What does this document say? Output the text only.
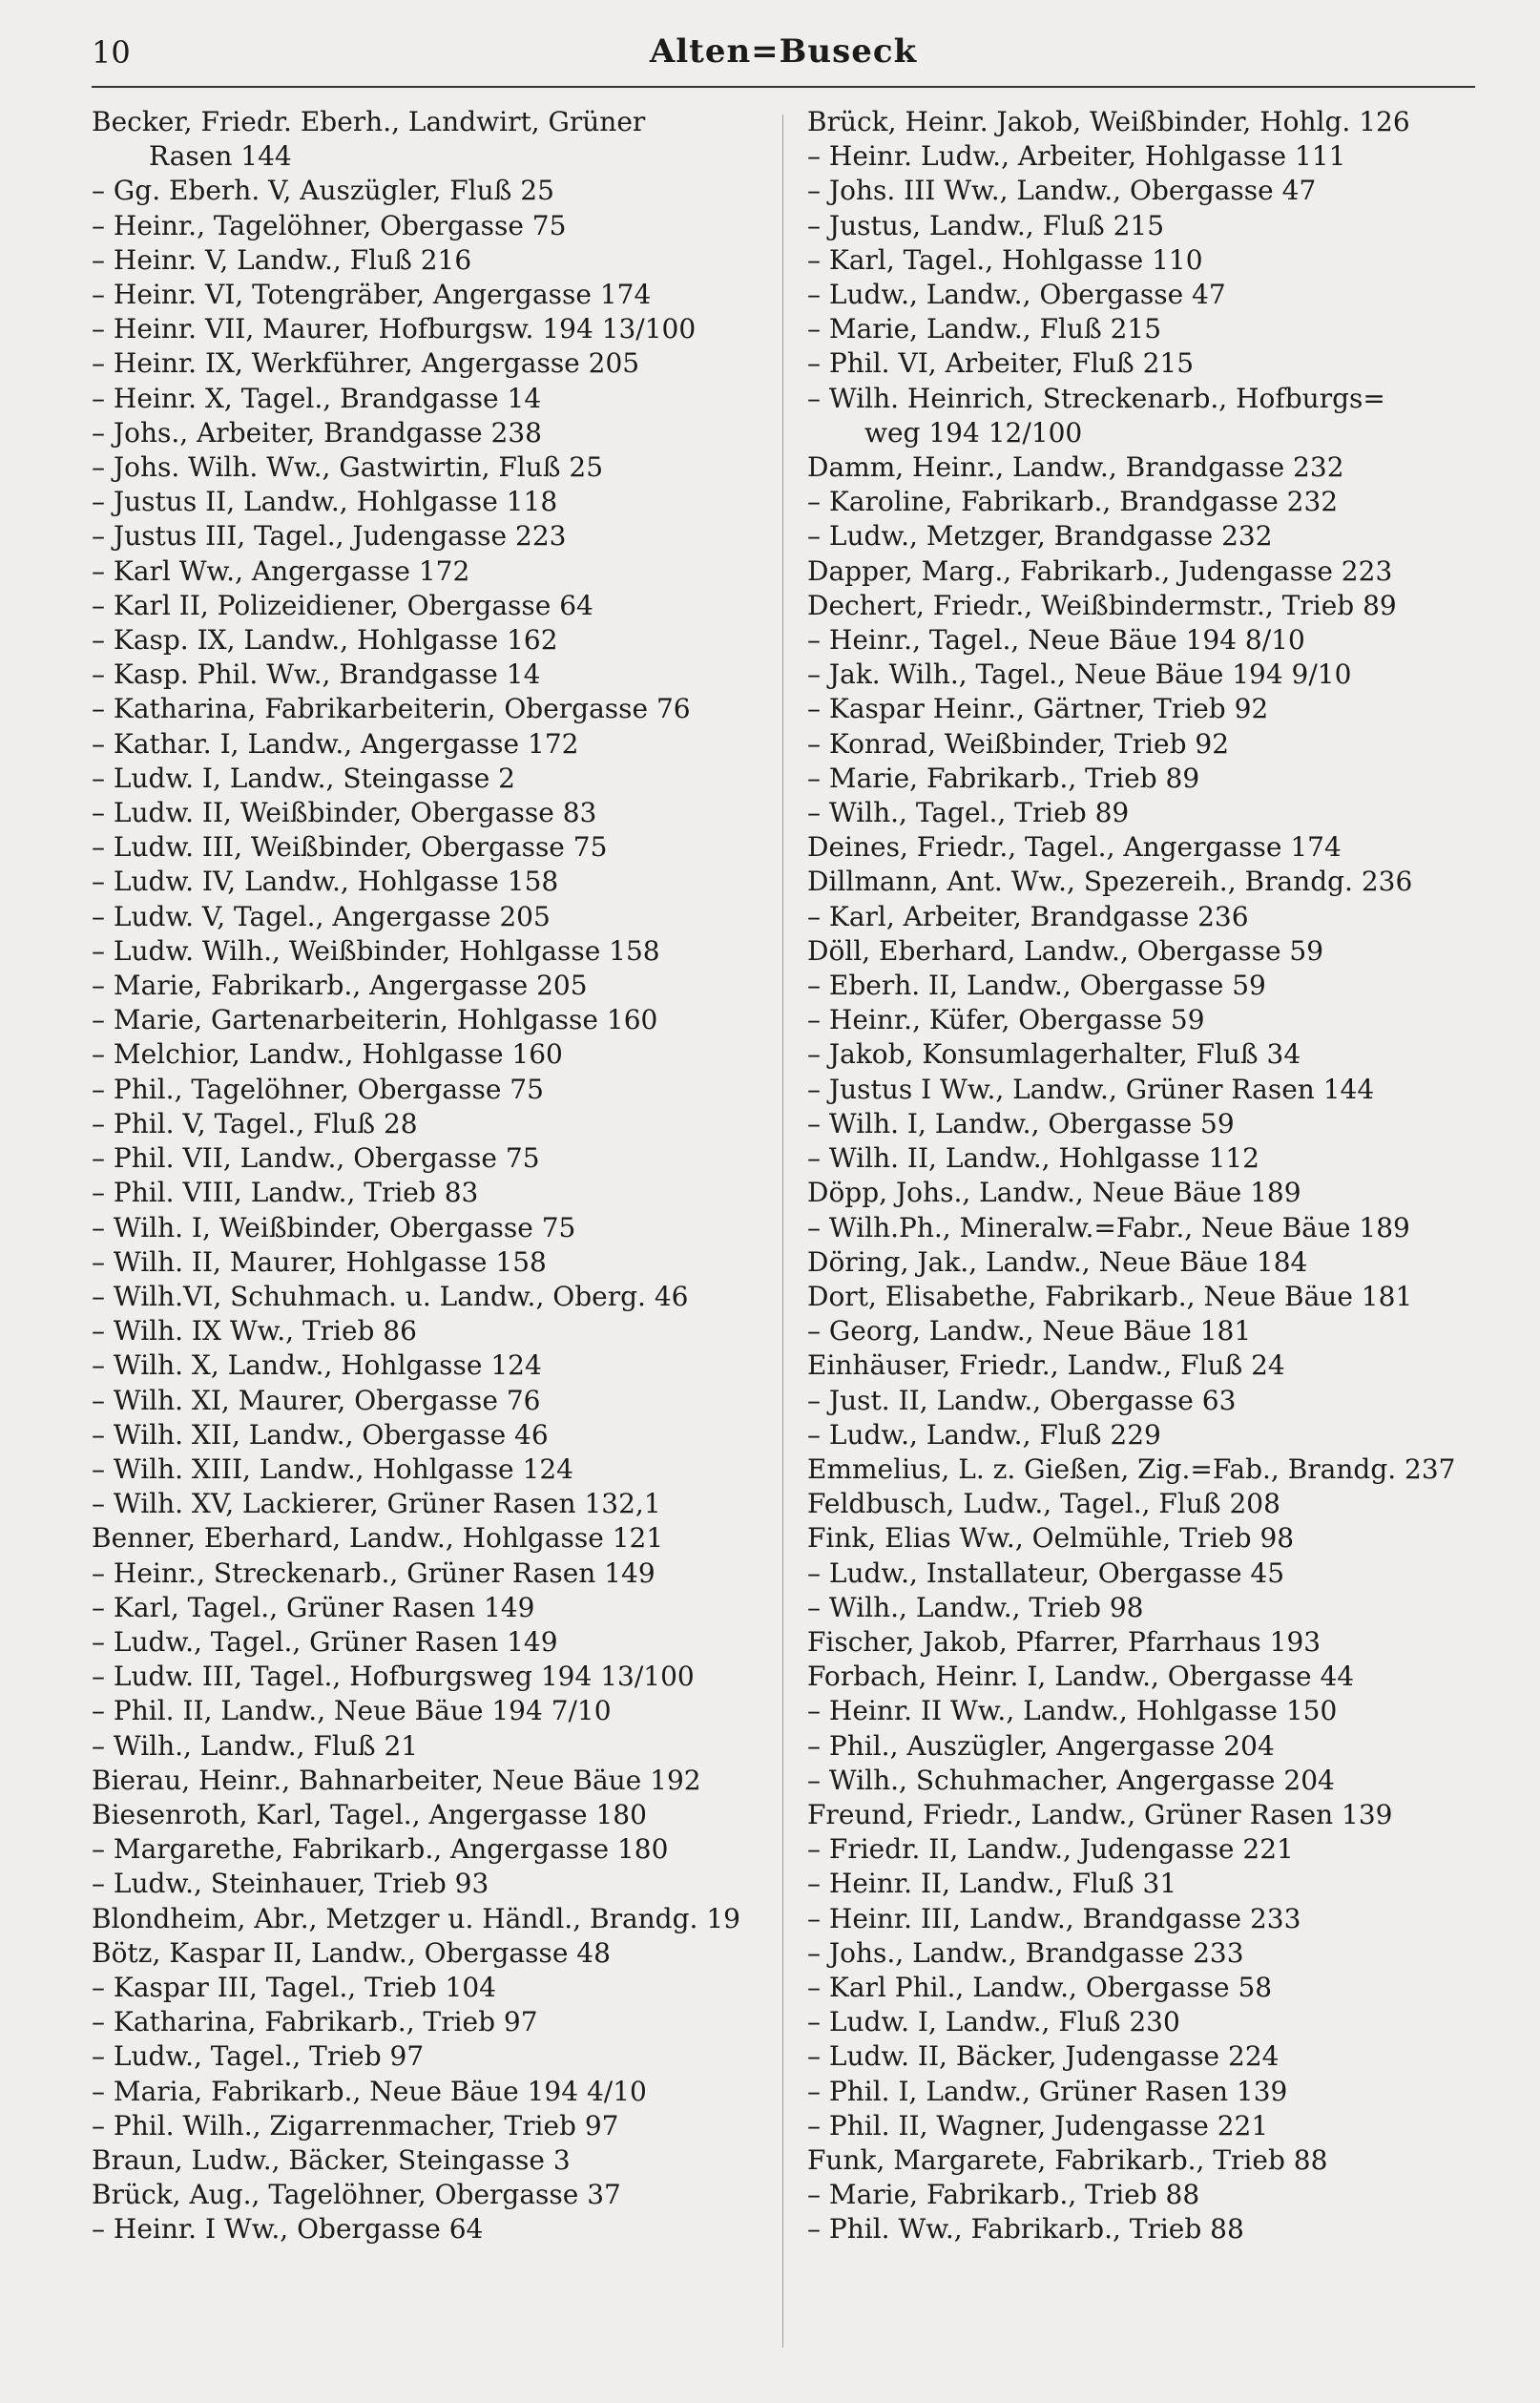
10	Alten=Buseck
Becker, Friedr. Eberh., Landwirt, Grüner
Rasen 144
– Gg. Eberh. V, Auszügler, Fluß 25
– Heinr., Tagelöhner, Obergasse 75
– Heinr. V, Landw., Fluß 216
– Heinr. VI, Totengräber, Angergasse 174
– Heinr. VII, Maurer, Hofburgsw. 194 13/100
– Heinr. IX, Werkführer, Angergasse 205
– Heinr. X, Tagel., Brandgasse 14
– Johs., Arbeiter, Brandgasse 238
– Johs. Wilh. Ww., Gastwirtin, Fluß 25
– Justus II, Landw., Hohlgasse 118
– Justus III, Tagel., Judengasse 223
– Karl Ww., Angergasse 172
– Karl II, Polizeidiener, Obergasse 64
– Kasp. IX, Landw., Hohlgasse 162
– Kasp. Phil. Ww., Brandgasse 14
– Katharina, Fabrikarbeiterin, Obergasse 76
– Kathar. I, Landw., Angergasse 172
– Ludw. I, Landw., Steingasse 2
– Ludw. II, Weißbinder, Obergasse 83
– Ludw. III, Weißbinder, Obergasse 75
– Ludw. IV, Landw., Hohlgasse 158
– Ludw. V, Tagel., Angergasse 205
– Ludw. Wilh., Weißbinder, Hohlgasse 158
– Marie, Fabrikarb., Angergasse 205
– Marie, Gartenarbeiterin, Hohlgasse 160
– Melchior, Landw., Hohlgasse 160
– Phil., Tagelöhner, Obergasse 75
– Phil. V, Tagel., Fluß 28
– Phil. VII, Landw., Obergasse 75
– Phil. VIII, Landw., Trieb 83
– Wilh. I, Weißbinder, Obergasse 75
– Wilh. II, Maurer, Hohlgasse 158
– Wilh.VI, Schuhmach. u. Landw., Oberg. 46
– Wilh. IX Ww., Trieb 86
– Wilh. X, Landw., Hohlgasse 124
– Wilh. XI, Maurer, Obergasse 76
– Wilh. XII, Landw., Obergasse 46
– Wilh. XIII, Landw., Hohlgasse 124
– Wilh. XV, Lackierer, Grüner Rasen 132,1
Benner, Eberhard, Landw., Hohlgasse 121
– Heinr., Streckenarb., Grüner Rasen 149
– Karl, Tagel., Grüner Rasen 149
– Ludw., Tagel., Grüner Rasen 149
– Ludw. III, Tagel., Hofburgsweg 194 13/100
– Phil. II, Landw., Neue Bäue 194 7/10
– Wilh., Landw., Fluß 21
Bierau, Heinr., Bahnarbeiter, Neue Bäue 192
Biesenroth, Karl, Tagel., Angergasse 180
– Margarethe, Fabrikarb., Angergasse 180
– Ludw., Steinhauer, Trieb 93
Blondheim, Abr., Metzger u. Händl., Brandg. 19
Bötz, Kaspar II, Landw., Obergasse 48
– Kaspar III, Tagel., Trieb 104
– Katharina, Fabrikarb., Trieb 97
– Ludw., Tagel., Trieb 97
– Maria, Fabrikarb., Neue Bäue 194 4/10
– Phil. Wilh., Zigarrenmacher, Trieb 97
Braun, Ludw., Bäcker, Steingasse 3
Brück, Aug., Tagelöhner, Obergasse 37
– Heinr. I Ww., Obergasse 64
Brück, Heinr. Jakob, Weißbinder, Hohlg. 126
– Heinr. Ludw., Arbeiter, Hohlgasse 111
– Johs. III Ww., Landw., Obergasse 47
– Justus, Landw., Fluß 215
– Karl, Tagel., Hohlgasse 110
– Ludw., Landw., Obergasse 47
– Marie, Landw., Fluß 215
– Phil. VI, Arbeiter, Fluß 215
– Wilh. Heinrich, Streckenarb., Hofburgs=
weg 194 12/100
Damm, Heinr., Landw., Brandgasse 232
– Karoline, Fabrikarb., Brandgasse 232
– Ludw., Metzger, Brandgasse 232
Dapper, Marg., Fabrikarb., Judengasse 223
Dechert, Friedr., Weißbindermstr., Trieb 89
– Heinr., Tagel., Neue Bäue 194 8/10
– Jak. Wilh., Tagel., Neue Bäue 194 9/10
– Kaspar Heinr., Gärtner, Trieb 92
– Konrad, Weißbinder, Trieb 92
– Marie, Fabrikarb., Trieb 89
– Wilh., Tagel., Trieb 89
Deines, Friedr., Tagel., Angergasse 174
Dillmann, Ant. Ww., Spezereih., Brandg. 236
– Karl, Arbeiter, Brandgasse 236
Döll, Eberhard, Landw., Obergasse 59
– Eberh. II, Landw., Obergasse 59
– Heinr., Küfer, Obergasse 59
– Jakob, Konsumlagerhalter, Fluß 34
– Justus I Ww., Landw., Grüner Rasen 144
– Wilh. I, Landw., Obergasse 59
– Wilh. II, Landw., Hohlgasse 112
Döpp, Johs., Landw., Neue Bäue 189
– Wilh.Ph., Mineralw.=Fabr., Neue Bäue 189
Döring, Jak., Landw., Neue Bäue 184
Dort, Elisabethe, Fabrikarb., Neue Bäue 181
– Georg, Landw., Neue Bäue 181
Einhäuser, Friedr., Landw., Fluß 24
– Just. II, Landw., Obergasse 63
– Ludw., Landw., Fluß 229
Emmelius, L. z. Gießen, Zig.=Fab., Brandg. 237
Feldbusch, Ludw., Tagel., Fluß 208
Fink, Elias Ww., Oelmühle, Trieb 98
– Ludw., Installateur, Obergasse 45
– Wilh., Landw., Trieb 98
Fischer, Jakob, Pfarrer, Pfarrhaus 193
Forbach, Heinr. I, Landw., Obergasse 44
– Heinr. II Ww., Landw., Hohlgasse 150
– Phil., Auszügler, Angergasse 204
– Wilh., Schuhmacher, Angergasse 204
Freund, Friedr., Landw., Grüner Rasen 139
– Friedr. II, Landw., Judengasse 221
– Heinr. II, Landw., Fluß 31
– Heinr. III, Landw., Brandgasse 233
– Johs., Landw., Brandgasse 233
– Karl Phil., Landw., Obergasse 58
– Ludw. I, Landw., Fluß 230
– Ludw. II, Bäcker, Judengasse 224
– Phil. I, Landw., Grüner Rasen 139
– Phil. II, Wagner, Judengasse 221
Funk, Margarete, Fabrikarb., Trieb 88
– Marie, Fabrikarb., Trieb 88
– Phil. Ww., Fabrikarb., Trieb 88
